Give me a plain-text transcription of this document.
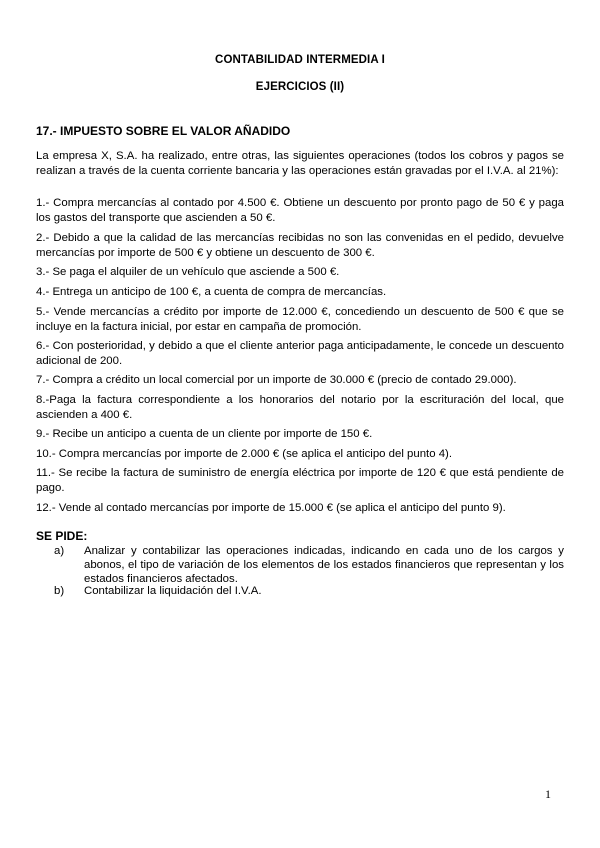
CONTABILIDAD INTERMEDIA I
EJERCICIOS (II)
17.- IMPUESTO SOBRE EL VALOR AÑADIDO
La empresa X, S.A. ha realizado, entre otras, las siguientes operaciones (todos los cobros y pagos se realizan a través de la cuenta corriente bancaria y las operaciones están gravadas por el I.V.A. al 21%):
1.- Compra mercancías al contado por 4.500 €. Obtiene un descuento por pronto pago de 50 € y paga los gastos del transporte que ascienden a 50 €.
2.- Debido a que la calidad de las mercancías recibidas no son las convenidas en el pedido, devuelve mercancías por importe de 500 € y obtiene un descuento de 300 €.
3.- Se paga el alquiler de un vehículo que asciende a 500 €.
4.- Entrega un anticipo de 100 €, a cuenta de compra de mercancías.
5.- Vende mercancías a crédito por importe de 12.000 €, concediendo un descuento de 500 € que se incluye en la factura inicial, por estar en campaña de promoción.
6.- Con posterioridad, y debido a que el cliente anterior paga anticipadamente, le concede un descuento adicional de 200.
7.- Compra a crédito un local comercial por un importe de 30.000 € (precio de contado 29.000).
8.-Paga la factura correspondiente a los honorarios del notario por la escrituración del local, que ascienden a 400 €.
9.- Recibe un anticipo a cuenta de un cliente por importe de 150 €.
10.- Compra mercancías por importe de 2.000 € (se aplica el anticipo del punto 4).
11.- Se recibe la factura de suministro de energía eléctrica por importe de 120 € que está pendiente de pago.
12.- Vende al contado mercancías por importe de 15.000 € (se aplica el anticipo del punto 9).
SE PIDE:
a) Analizar y contabilizar las operaciones indicadas, indicando en cada uno de los cargos y abonos, el tipo de variación de los elementos de los estados financieros que representan y los estados financieros afectados.
b) Contabilizar la liquidación del I.V.A.
1
